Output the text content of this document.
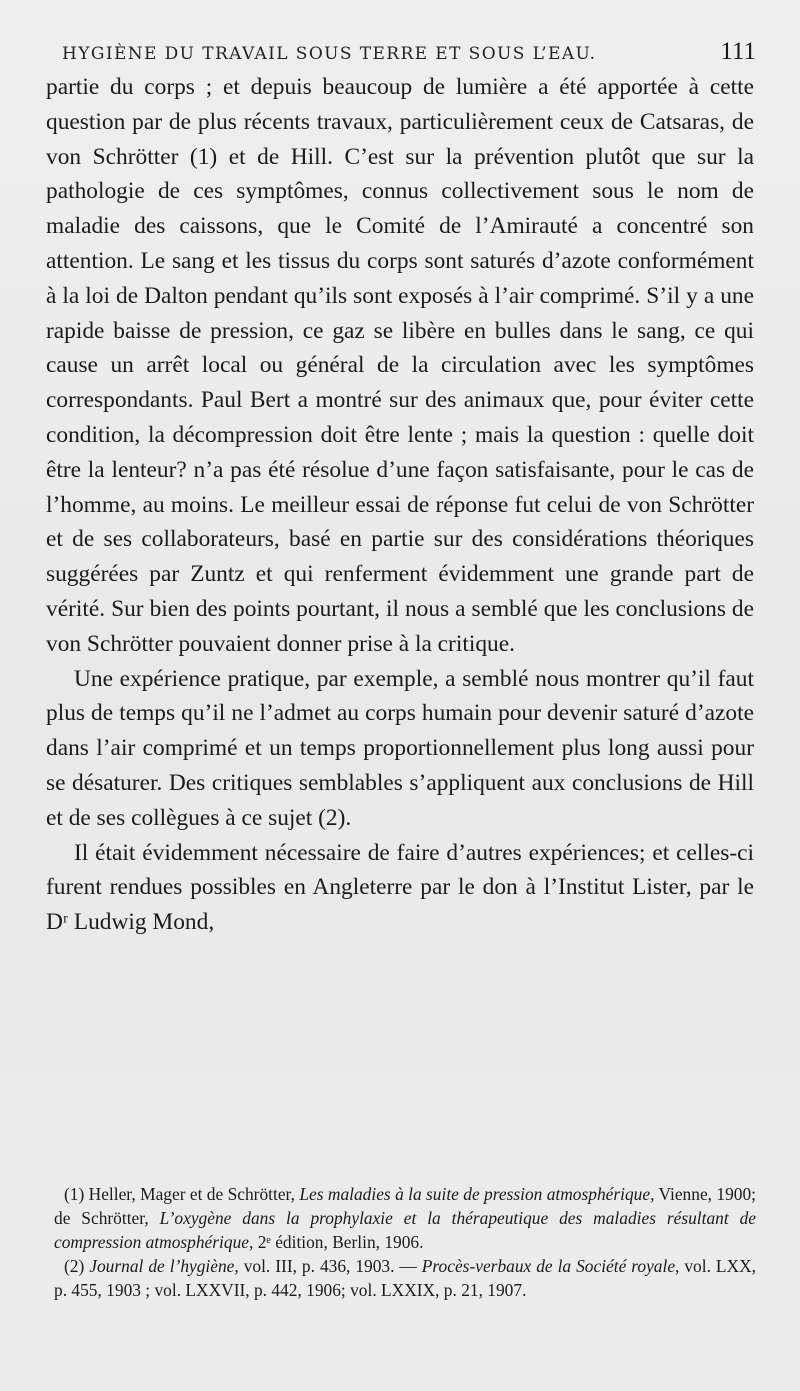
HYGIÈNE DU TRAVAIL SOUS TERRE ET SOUS L’EAU.	111

partie du corps ; et depuis beaucoup de lumière a été apportée à cette question par de plus récents travaux, particulièrement ceux de Catsaras, de von Schrötter (1) et de Hill. C’est sur la prévention plutôt que sur la pathologie de ces symptômes, connus collectivement sous le nom de maladie des caissons, que le Comité de l’Amirauté a concentré son attention. Le sang et les tissus du corps sont saturés d’azote conformément à la loi de Dalton pendant qu’ils sont exposés à l’air comprimé. S’il y a une rapide baisse de pression, ce gaz se libère en bulles dans le sang, ce qui cause un arrêt local ou général de la circulation avec les symptômes correspondants. Paul Bert a montré sur des animaux que, pour éviter cette condition, la décompression doit être lente ; mais la question : quelle doit être la lenteur? n’a pas été résolue d’une façon satisfaisante, pour le cas de l’homme, au moins. Le meilleur essai de réponse fut celui de von Schrötter et de ses collaborateurs, basé en partie sur des considérations théoriques suggérées par Zuntz et qui renferment évidemment une grande part de vérité. Sur bien des points pourtant, il nous a semblé que les conclusions de von Schrötter pouvaient donner prise à la critique.

Une expérience pratique, par exemple, a semblé nous montrer qu’il faut plus de temps qu’il ne l’admet au corps humain pour devenir saturé d’azote dans l’air comprimé et un temps proportionnellement plus long aussi pour se désaturer. Des critiques semblables s’appliquent aux conclusions de Hill et de ses collègues à ce sujet (2).

Il était évidemment nécessaire de faire d’autres expériences; et celles-ci furent rendues possibles en Angleterre par le don à l’Institut Lister, par le Dʳ Ludwig Mond,

(1) Heller, Mager et de Schrötter, Les maladies à la suite de pression atmosphérique, Vienne, 1900; de Schrötter, L’oxygène dans la prophylaxie et la thérapeutique des maladies résultant de compression atmosphérique, 2ᵉ édition, Berlin, 1906.

(2) Journal de l’hygiène, vol. III, p. 436, 1903. — Procès-verbaux de la Société royale, vol. LXX, p. 455, 1903 ; vol. LXXVII, p. 442, 1906; vol. LXXIX, p. 21, 1907.
